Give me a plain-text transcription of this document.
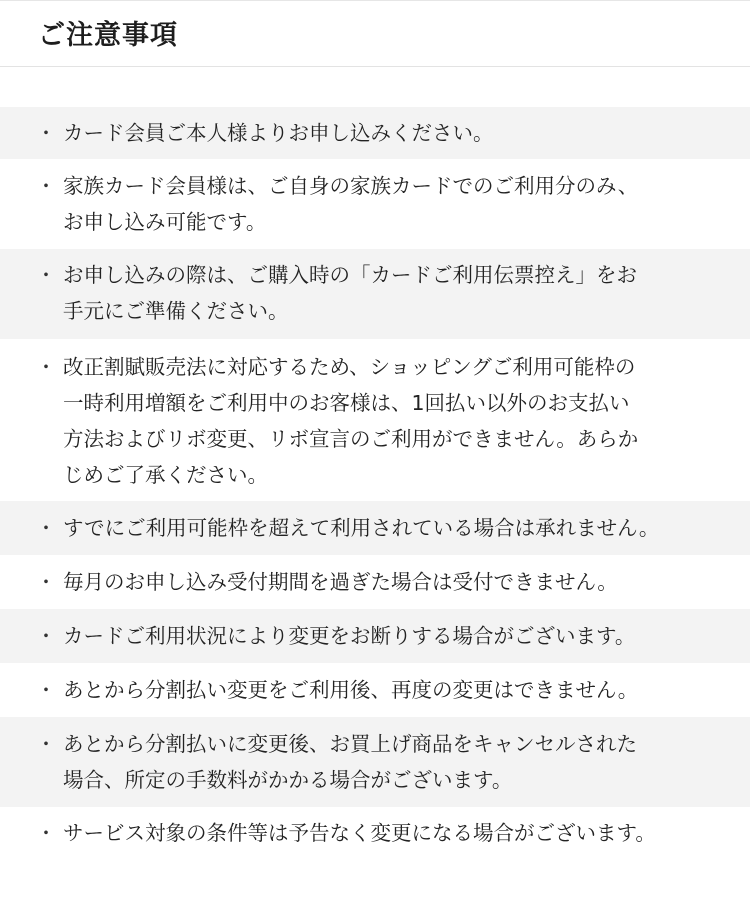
ご注意事項
・ カード会員ご本人様よりお申し込みください。
・ 家族カード会員様は、ご自身の家族カードでのご利用分のみ、
お申し込み可能です。
・ お申し込みの際は、ご購入時の「カードご利用伝票控え」をお
手元にご準備ください。
・ 改正割賦販売法に対応するため、ショッピングご利用可能枠の
一時利用増額をご利用中のお客様は、1回払い以外のお支払い
方法およびリボ変更、リボ宣言のご利用ができません。あらか
じめご了承ください。
・ すでにご利用可能枠を超えて利用されている場合は承れません。
・ 毎月のお申し込み受付期間を過ぎた場合は受付できません。
・ カードご利用状況により変更をお断りする場合がございます。
・ あとから分割払い変更をご利用後、再度の変更はできません。
・ あとから分割払いに変更後、お買上げ商品をキャンセルされた
場合、所定の手数料がかかる場合がございます。
・ サービス対象の条件等は予告なく変更になる場合がございます。
